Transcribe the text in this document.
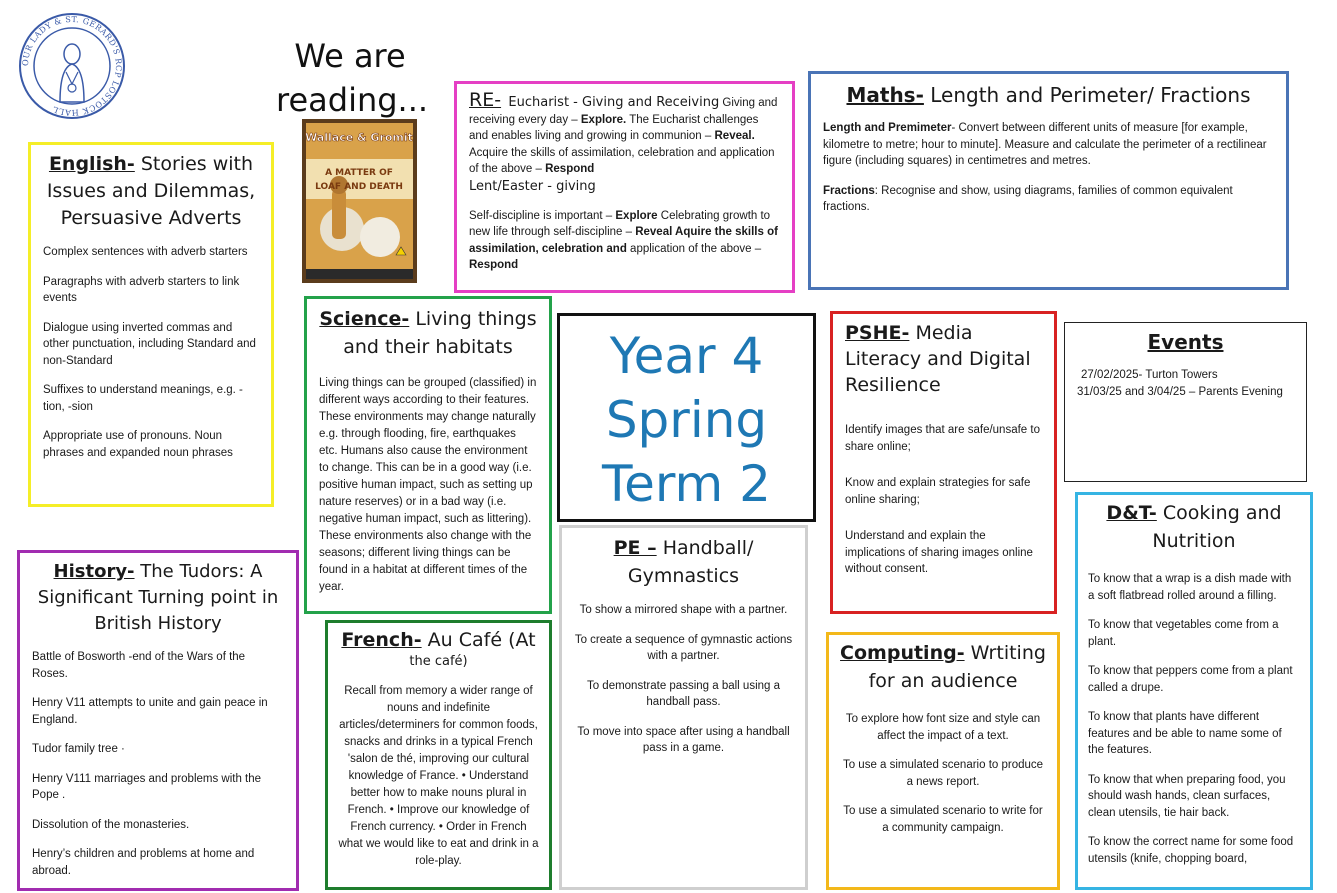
OUR LADY & ST. GERARD'S RCP LOSTOCK HALL
We are reading...
Wallace & Gromit
A MATTER OF
LOAF AND DEATH
English- Stories with Issues and Dilemmas, Persuasive Adverts

Complex sentences with adverb starters

Paragraphs with adverb starters to link events

Dialogue using inverted commas and other punctuation, including Standard and non-Standard

Suffixes to understand meanings, e.g. -tion, -sion

Appropriate use of pronouns. Noun phrases and expanded noun phrases

RE- Eucharist - Giving and Receiving Giving and receiving every day – Explore. The Eucharist challenges and enables living and growing in communion – Reveal. Acquire the skills of assimilation, celebration and application of the above – Respond
Lent/Easter - giving
Self-discipline is important – Explore Celebrating growth to new life through self-discipline – Reveal Aquire the skills of assimilation, celebration and application of the above – Respond
Maths- Length and Perimeter/ Fractions

Length and Premimeter- Convert between different units of measure [for example, kilometre to metre; hour to minute]. Measure and calculate the perimeter of a rectilinear figure (including squares) in centimetres and metres.

Fractions: Recognise and show, using diagrams, families of common equivalent fractions.

Science- Living things and their habitats
Living things can be grouped (classified) in different ways according to their features. These environments may change naturally e.g. through flooding, fire, earthquakes etc. Humans also cause the environment to change. This can be in a good way (i.e. positive human impact, such as setting up nature reserves) or in a bad way (i.e. negative human impact, such as littering). These environments also change with the seasons; different living things can be found in a habitat at different times of the year.
Year 4
Spring
Term 2
PSHE- Media Literacy and Digital Resilience

Identify images that are safe/unsafe to share online;

Know and explain strategies for safe online sharing;

Understand and explain the implications of sharing images online without consent.

Events
27/02/2025- Turton Towers
31/03/25 and 3/04/25 – Parents Evening
History- The Tudors: A Significant Turning point in British History

Battle of Bosworth -end of the Wars of the Roses.

Henry V11 attempts to unite and gain peace in England.

Tudor family tree ·

Henry V111 marriages and problems with the Pope .

Dissolution of the monasteries.

Henry’s children and problems at home and abroad.

French- Au Café (At
the café)
Recall from memory a wider range of nouns and indefinite articles/determiners for common foods, snacks and drinks in a typical French 'salon de thé, improving our cultural knowledge of France. • Understand better how to make nouns plural in French. • Improve our knowledge of French currency. • Order in French what we would like to eat and drink in a role-play.
PE – Handball/ Gymnastics

To show a mirrored shape with a partner.

To create a sequence of gymnastic actions with a partner.

To demonstrate passing a ball using a handball pass.

To move into space after using a handball pass in a game.

Computing- Wrtiting for an audience

To explore how font size and style can affect the impact of a text.

To use a simulated scenario to produce a news report.

To use a simulated scenario to write for a community campaign.

D&T- Cooking and Nutrition

To know that a wrap is a dish made with a soft flatbread rolled around a filling.

To know that vegetables come from a plant.

To know that peppers come from a plant called a drupe.

To know that plants have different features and be able to name some of the features.

To know that when preparing food, you should wash hands, clean surfaces, clean utensils, tie hair back.

To know the correct name for some food utensils (knife, chopping board,
